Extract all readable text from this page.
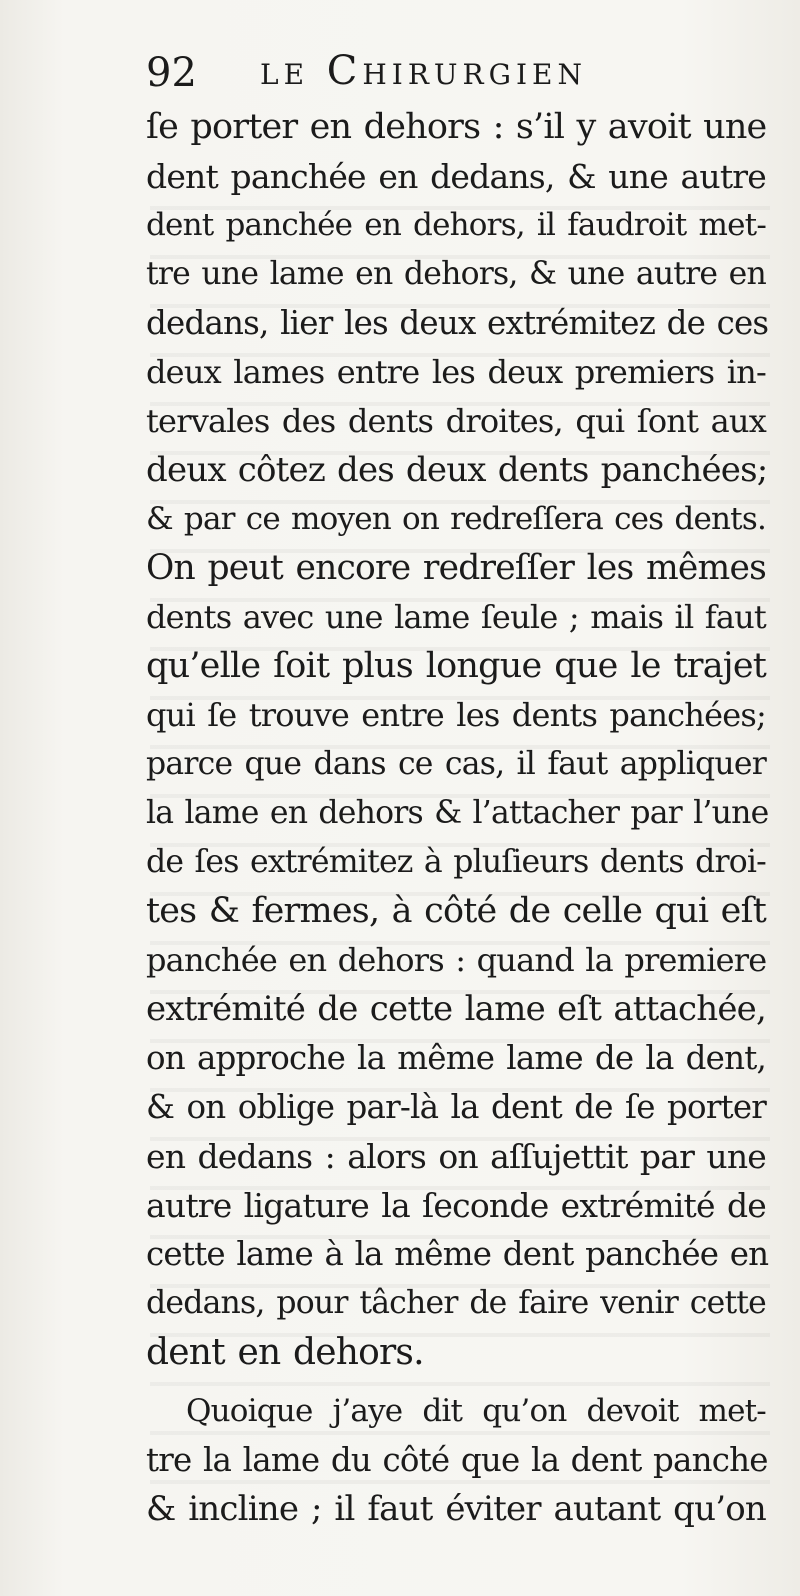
92 le Chirurgien
ſe porter en dehors : s’il y avoit une
dent panchée en dedans, & une autre
dent panchée en dehors, il faudroit met-
tre une lame en dehors, & une autre en
dedans, lier les deux extrémitez de ces
deux lames entre les deux premiers in-
tervales des dents droites, qui ſont aux
deux côtez des deux dents panchées;
& par ce moyen on redreſſera ces dents.
On peut encore redreſſer les mêmes
dents avec une lame ſeule ; mais il faut
qu’elle ſoit plus longue que le trajet
qui ſe trouve entre les dents panchées;
parce que dans ce cas, il faut appliquer
la lame en dehors & l’attacher par l’une
de ſes extrémitez à pluſieurs dents droi-
tes & fermes, à côté de celle qui eſt
panchée en dehors : quand la premiere
extrémité de cette lame eſt attachée,
on approche la même lame de la dent,
& on oblige par-là la dent de ſe porter
en dedans : alors on aſſujettit par une
autre ligature la ſeconde extrémité de
cette lame à la même dent panchée en
dedans, pour tâcher de faire venir cette
dent en dehors.
Quoique j’aye dit qu’on devoit met-
tre la lame du côté que la dent panche
& incline ; il faut éviter autant qu’on
